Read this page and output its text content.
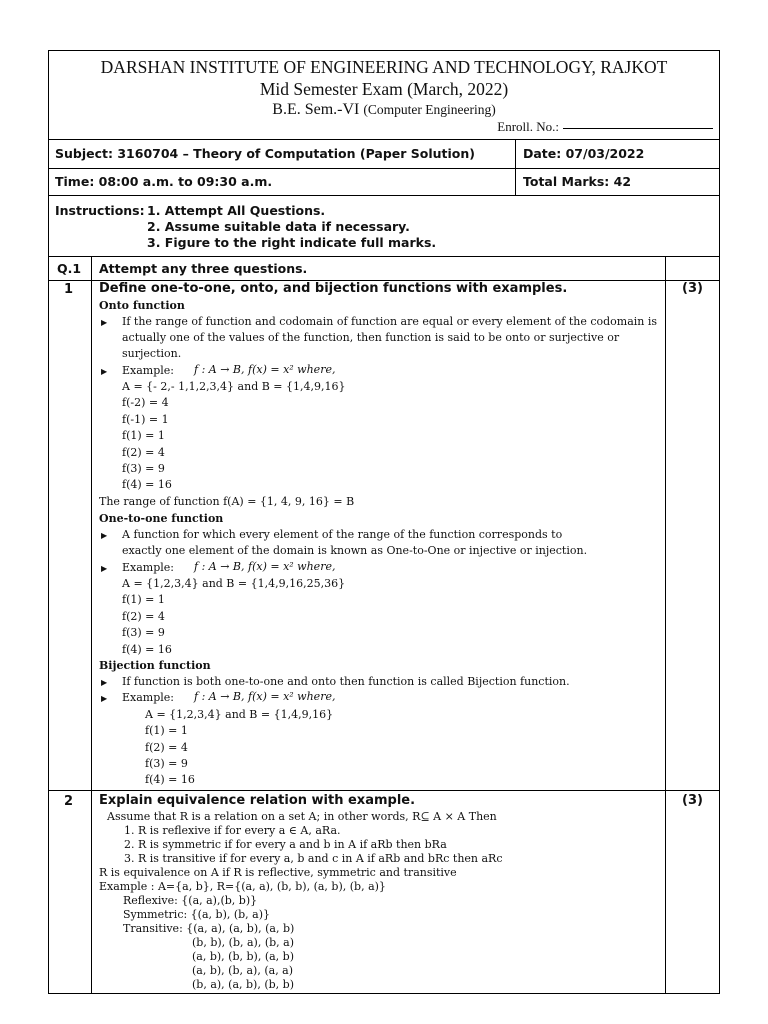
DARSHAN INSTITUTE OF ENGINEERING AND TECHNOLOGY, RAJKOT
Mid Semester Exam (March, 2022)
B.E. Sem.-VI (Computer Engineering)
Enroll. No.:
Subject: 3160704 – Theory of Computation (Paper Solution)	Date: 07/03/2022
Time: 08:00 a.m. to 09:30 a.m.	Total Marks: 42
Instructions: 1. Attempt All Questions.
2. Assume suitable data if necessary.
3. Figure to the right indicate full marks.
Q.1 Attempt any three questions.
1 Define one-to-one, onto, and bijection functions with examples.	(3)
Onto function
▶ If the range of function and codomain of function are equal or every element of the codomain is
actually one of the values of the function, then function is said to be onto or surjective or
surjection.
▶ Example: f : A → B, f(x) = x² where,
A = {- 2,- 1,1,2,3,4} and B = {1,4,9,16}
f(-2) = 4
f(-1) = 1
f(1) = 1
f(2) = 4
f(3) = 9
f(4) = 16
The range of function f(A) = {1, 4, 9, 16} = B
One-to-one function
▶ A function for which every element of the range of the function corresponds to
exactly one element of the domain is known as One-to-One or injective or injection.
▶ Example: f : A → B, f(x) = x² where,
A = {1,2,3,4} and B = {1,4,9,16,25,36}
f(1) = 1
f(2) = 4
f(3) = 9
f(4) = 16
Bijection function
▶ If function is both one-to-one and onto then function is called Bijection function.
▶ Example: f : A → B, f(x) = x² where,
A = {1,2,3,4} and B = {1,4,9,16}
f(1) = 1
f(2) = 4
f(3) = 9
f(4) = 16
2 Explain equivalence relation with example.	(3)
Assume that R is a relation on a set A; in other words, R⊆ A × A Then
1. R is reflexive if for every a ∈ A, aRa.
2. R is symmetric if for every a and b in A if aRb then bRa
3. R is transitive if for every a, b and c in A if aRb and bRc then aRc
R is equivalence on A if R is reflective, symmetric and transitive
Example : A={a, b}, R={(a, a), (b, b), (a, b), (b, a)}
Reflexive: {(a, a),(b, b)}
Symmetric: {(a, b), (b, a)}
Transitive: {(a, a), (a, b), (a, b)
(b, b), (b, a), (b, a)
(a, b), (b, b), (a, b)
(a, b), (b, a), (a, a)
(b, a), (a, b), (b, b)
